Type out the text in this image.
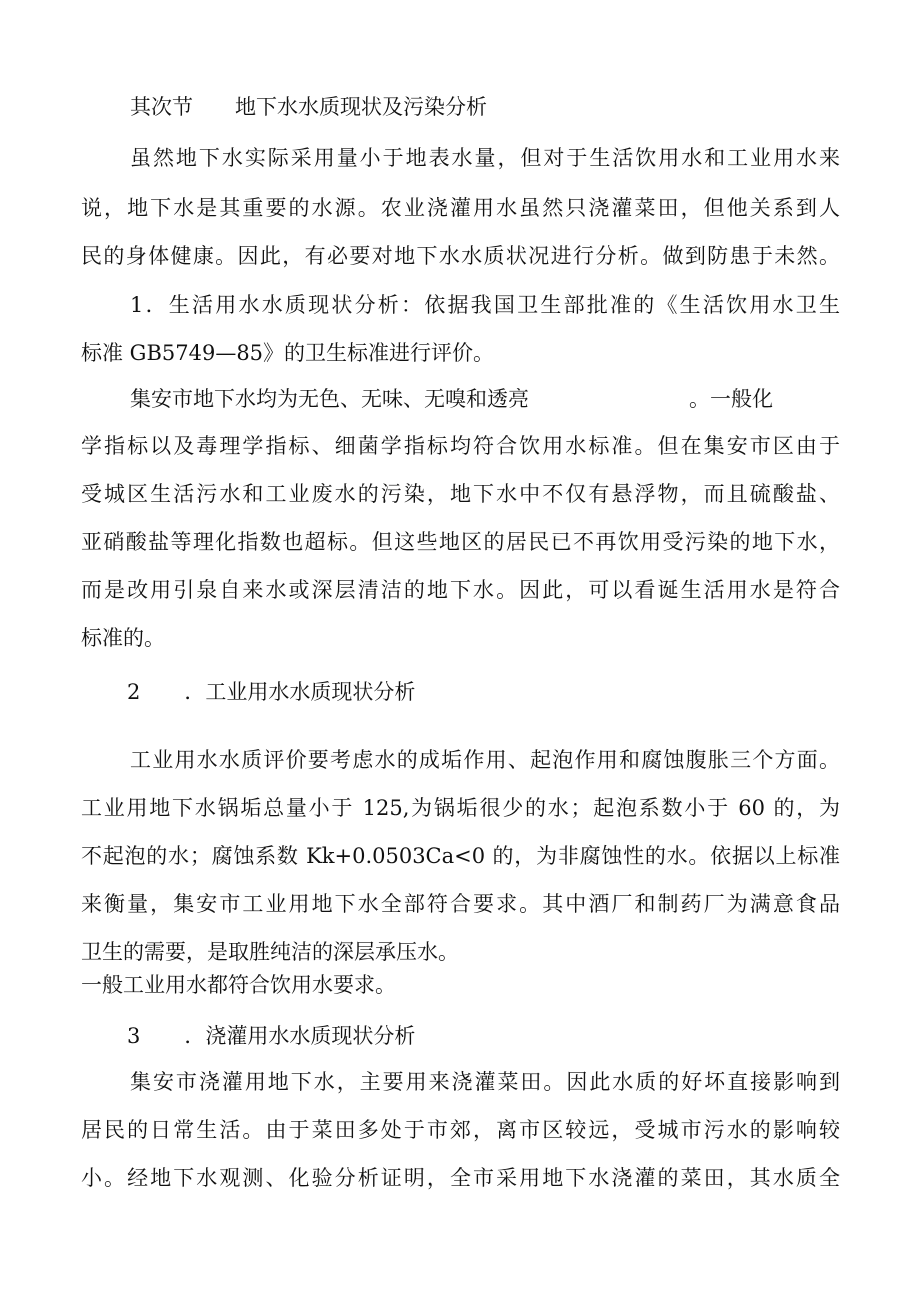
其次节 地下水水质现状及污染分析
虽然地下水实际采用量小于地表水量，但对于生活饮用水和工业用水来
说，地下水是其重要的水源。农业浇灌用水虽然只浇灌菜田，但他关系到人
民的身体健康。因此，有必要对地下水水质状况进行分析。做到防患于未然。
1．生活用水水质现状分析：依据我国卫生部批准的《生活饮用水卫生
标准 GB5749—85》的卫生标准进行评价。
集安市地下水均为无色、无味、无嗅和透亮	。一般化
学指标以及毒理学指标、细菌学指标均符合饮用水标准。但在集安市区由于
受城区生活污水和工业废水的污染，地下水中不仅有悬浮物，而且硫酸盐、
亚硝酸盐等理化指数也超标。但这些地区的居民已不再饮用受污染的地下水，
而是改用引泉自来水或深层清洁的地下水。因此，可以看诞生活用水是符合
标准的。
2 ．工业用水水质现状分析
工业用水水质评价要考虑水的成垢作用、起泡作用和腐蚀腹胀三个方面。
工业用地下水锅垢总量小于 125,为锅垢很少的水；起泡系数小于 60 的，为
不起泡的水；腐蚀系数 Kk+0.0503Ca<0 的，为非腐蚀性的水。依据以上标准
来衡量，集安市工业用地下水全部符合要求。其中酒厂和制药厂为满意食品
卫生的需要，是取胜纯洁的深层承压水。
一般工业用水都符合饮用水要求。
3 ．浇灌用水水质现状分析
集安市浇灌用地下水，主要用来浇灌菜田。因此水质的好坏直接影响到
居民的日常生活。由于菜田多处于市郊，离市区较远，受城市污水的影响较
小。经地下水观测、化验分析证明，全市采用地下水浇灌的菜田，其水质全
